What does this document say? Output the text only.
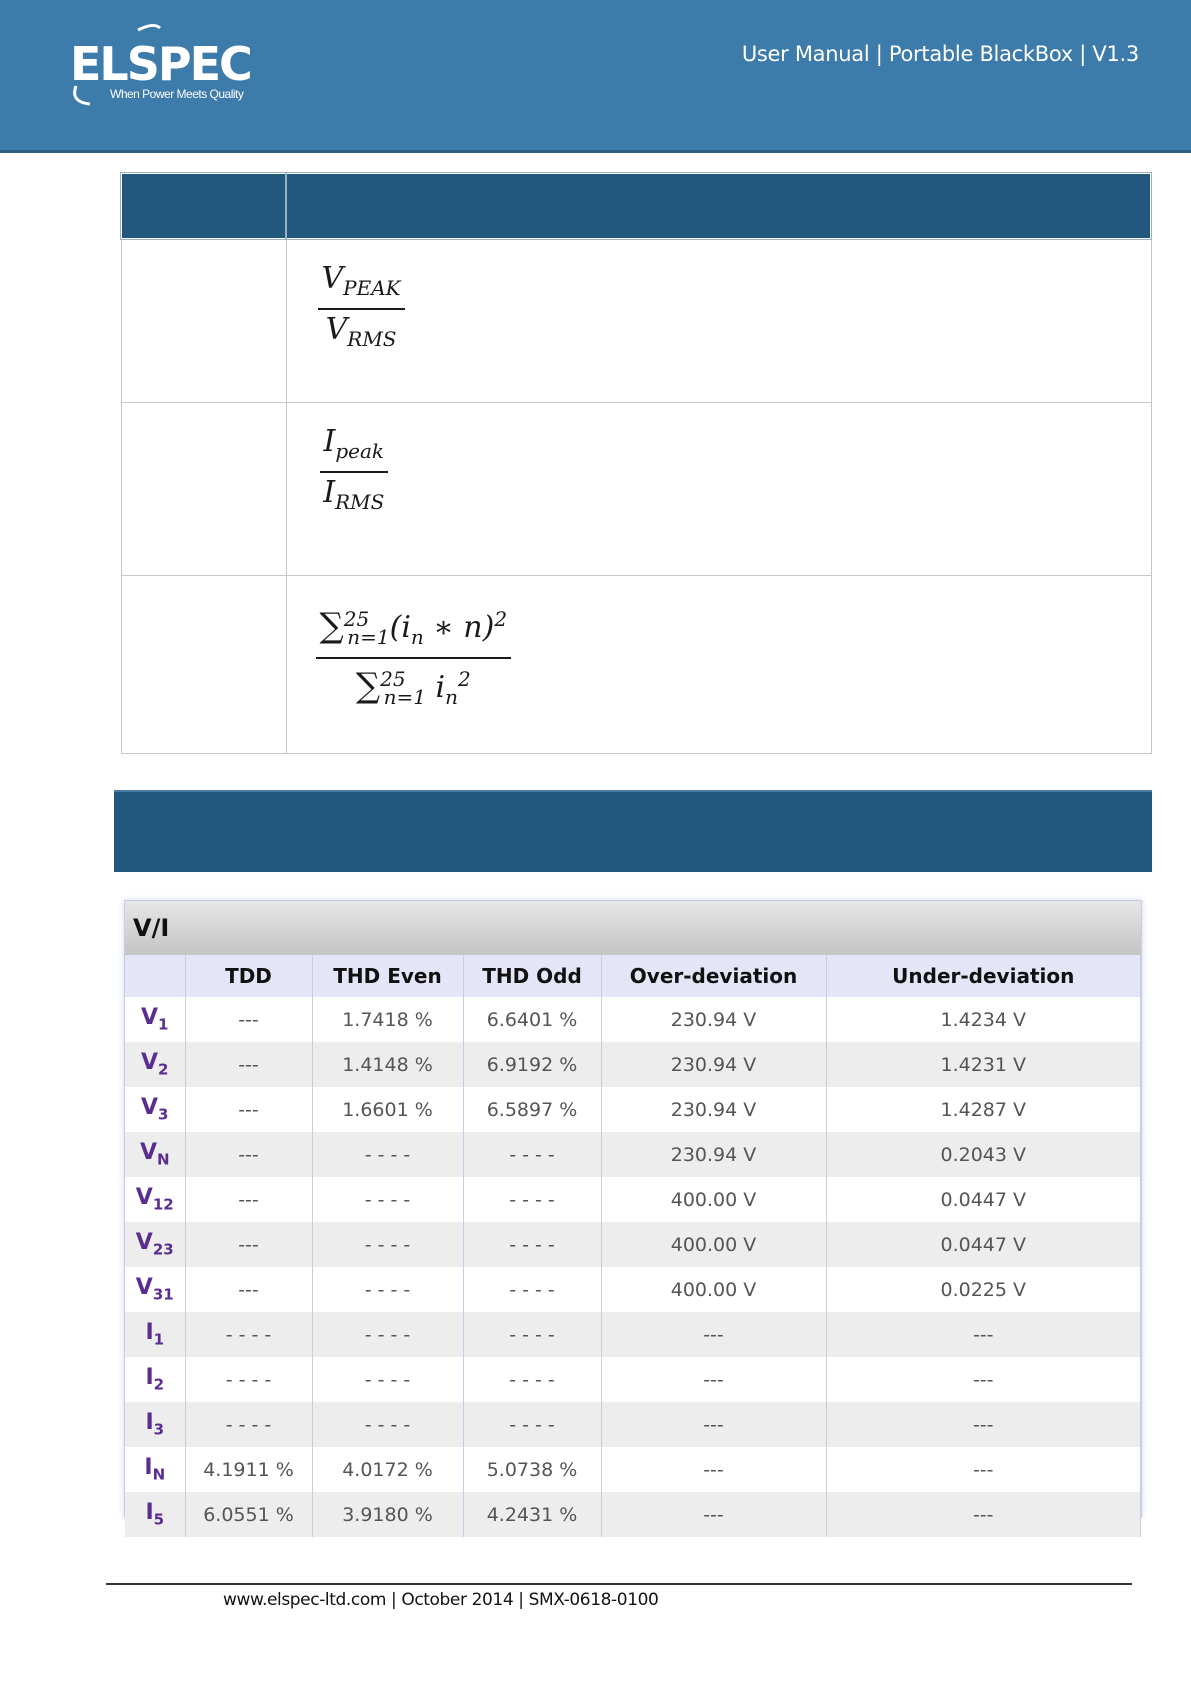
ELSPEC
When Power Meets Quality
User Manual | Portable BlackBox | V1.3

	$\frac{V_{PEAK}}{V_{RMS}}$

	$\frac{I_{peak}}{I_{RMS}}$

	$\frac{\sum^{25}_{n=1}(i_n ∗ n)^2}{\sum^{25}_{n=1} i_n^2}$
V/I
	TDD	THD Even	THD Odd	Over-deviation	Under-deviation
$V_1$	---	1.7418 %	6.6401 %	230.94 V	1.4234 V
$V_2$	---	1.4148 %	6.9192 %	230.94 V	1.4231 V
$V_3$	---	1.6601 %	6.5897 %	230.94 V	1.4287 V
$V_N$	---	- - - -	- - - -	230.94 V	0.2043 V
$V_{12}$	---	- - - -	- - - -	400.00 V	0.0447 V
$V_{23}$	---	- - - -	- - - -	400.00 V	0.0447 V
$V_{31}$	---	- - - -	- - - -	400.00 V	0.0225 V
$I_1$	- - - -	- - - -	- - - -	---	---
$I_2$	- - - -	- - - -	- - - -	---	---
$I_3$	- - - -	- - - -	- - - -	---	---
$I_N$	4.1911 %	4.0172 %	5.0738 %	---	---
$I_5$	6.0551 %	3.9180 %	4.2431 %	---	---
www.elspec-ltd.com | October 2014 | SMX-0618-0100
